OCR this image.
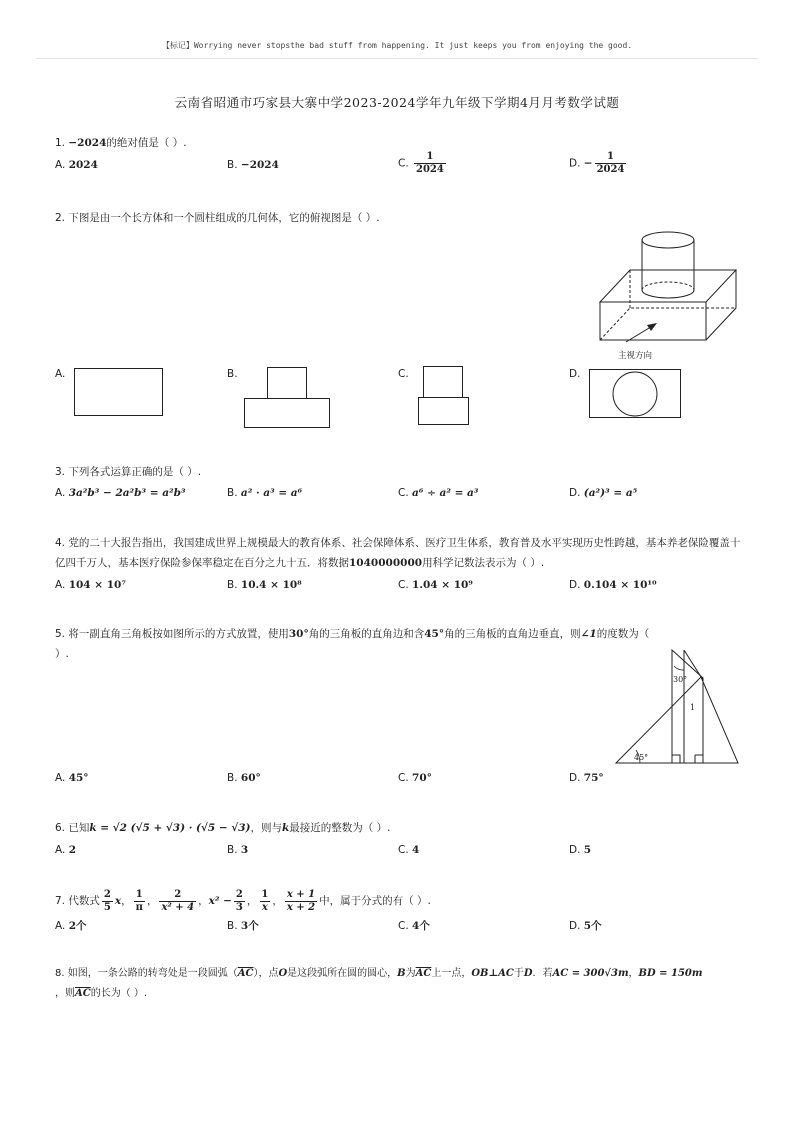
【标记】Worrying never stopsthe bad stuff from happening. It just keeps you from enjoying the good.
云南省昭通市巧家县大寨中学2023-2024学年九年级下学期4月月考数学试题
1. −2024的绝对值是（ ）.
A. 2024	B. −2024	C. $\frac{1}{2024}$	D. − $\frac{1}{2024}$
2. 下图是由一个长方体和一个圆柱组成的几何体，它的俯视图是（ ）.
主视方向
A.	B.	C.	D.
3. 下列各式运算正确的是（ ）.
A. 3a²b³ − 2a²b³ = a²b³	B. a² · a³ = a⁶	C. a⁶ ÷ a² = a³	D. (a²)³ = a⁵
4. 党的二十大报告指出，我国建成世界上规模最大的教育体系、社会保障体系、医疗卫生体系，教育普及水平实现历史性跨越，基本养老保险覆盖十
亿四千万人，基本医疗保险参保率稳定在百分之九十五．将数据1040000000用科学记数法表示为（ ）.
A. 104 × 10⁷	B. 10.4 × 10⁸	C. 1.04 × 10⁹	D. 0.104 × 10¹⁰
5. 将一副直角三角板按如图所示的方式放置，使用30°角的三角板的直角边和含45°角的三角板的直角边垂直，则∠1的度数为（ ）.
30°
1
45°
A. 45°	B. 60°	C. 70°	D. 75°
6. 已知k = √2 (√5 + √3) · (√5 − √3)，则与k最接近的整数为（ ）.
A. 2	B. 3	C. 4	D. 5
7. 代数式 $\frac{2}{5}$ x， $\frac{1}{\pi}$ ， $\frac{2}{\text{x² + 4}}$ ，$x^2 - \frac{2}{3}$ ， $\frac{1}{x}$ ， $\frac{x + 1}{x + 2}$ 中，属于分式的有（ ）.
A. 2个	B. 3个	C. 4个	D. 5个
8. 如图，一条公路的转弯处是一段圆弧$(\overline{AC})$，点O是这段弧所在圆的圆心，B为$\overline{AC}$上一点，OB⊥AC于D．若AC = 300√3m，BD = 150m
，则$\overline{AC}$的长为（ ）.
